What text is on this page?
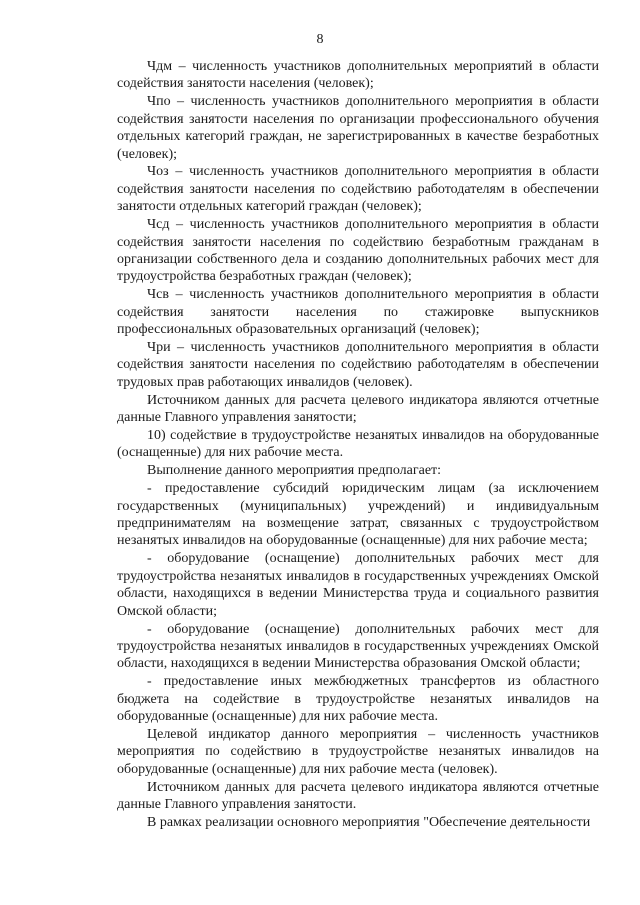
8

Чдм – численность участников дополнительных мероприятий в области содействия занятости населения (человек);

Чпо – численность участников дополнительного мероприятия в области содействия занятости населения по организации профессионального обучения отдельных категорий граждан, не зарегистрированных в качестве безработных (человек);

Чоз – численность участников дополнительного мероприятия в области содействия занятости населения по содействию работодателям в обеспечении занятости отдельных категорий граждан (человек);

Чсд – численность участников дополнительного мероприятия в области содействия занятости населения по содействию безработным гражданам в организации собственного дела и созданию дополнительных рабочих мест для трудоустройства безработных граждан (человек);

Чсв – численность участников дополнительного мероприятия в области содействия занятости населения по стажировке выпускников профессиональных образовательных организаций (человек);

Чри – численность участников дополнительного мероприятия в области содействия занятости населения по содействию работодателям в обеспечении трудовых прав работающих инвалидов (человек).

Источником данных для расчета целевого индикатора являются отчетные данные Главного управления занятости;

10) содействие в трудоустройстве незанятых инвалидов на оборудованные (оснащенные) для них рабочие места.

Выполнение данного мероприятия предполагает:

- предоставление субсидий юридическим лицам (за исключением государственных (муниципальных) учреждений) и индивидуальным предпринимателям на возмещение затрат, связанных с трудоустройством незанятых инвалидов на оборудованные (оснащенные) для них рабочие места;

- оборудование (оснащение) дополнительных рабочих мест для трудоустройства незанятых инвалидов в государственных учреждениях Омской области, находящихся в ведении Министерства труда и социального развития Омской области;

- оборудование (оснащение) дополнительных рабочих мест для трудоустройства незанятых инвалидов в государственных учреждениях Омской области, находящихся в ведении Министерства образования Омской области;

- предоставление иных межбюджетных трансфертов из областного бюджета на содействие в трудоустройстве незанятых инвалидов на оборудованные (оснащенные) для них рабочие места.

Целевой индикатор данного мероприятия – численность участников мероприятия по содействию в трудоустройстве незанятых инвалидов на оборудованные (оснащенные) для них рабочие места (человек).

Источником данных для расчета целевого индикатора являются отчетные данные Главного управления занятости.

В рамках реализации основного мероприятия "Обеспечение деятельности
